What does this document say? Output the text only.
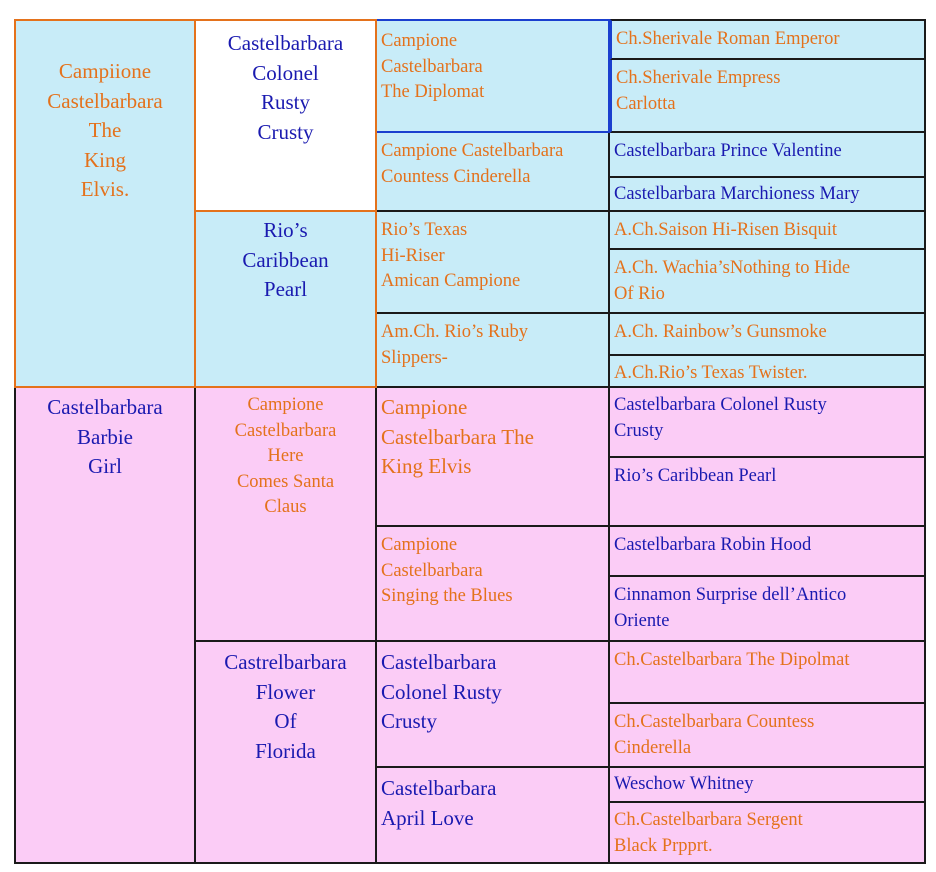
Campiione
Castelbarbara
The
King
Elvis.
Castelbarbara
Barbie
Girl
Castelbarbara
Colonel
Rusty
Crusty
Rio’s
Caribbean
Pearl
Campione
Castelbarbara
Here
Comes Santa
Claus
Castrelbarbara
Flower
Of
Florida
Campione
Castelbarbara
The Diplomat
Campione Castelbarbara
Countess Cinderella
Rio’s Texas
Hi-Riser
Amican Campione
Am.Ch. Rio’s Ruby
Slippers-
Campione
Castelbarbara The
King Elvis
Campione
Castelbarbara
Singing the Blues
Castelbarbara
Colonel Rusty
Crusty
Castelbarbara
April Love
Ch.Sherivale Roman Emperor
Ch.Sherivale Empress
Carlotta
Castelbarbara Prince Valentine
Castelbarbara Marchioness Mary
A.Ch.Saison Hi-Risen Bisquit
A.Ch. Wachia’sNothing to Hide
Of Rio
A.Ch. Rainbow’s Gunsmoke
A.Ch.Rio’s Texas Twister.
Castelbarbara Colonel Rusty
Crusty
Rio’s Caribbean Pearl
Castelbarbara Robin Hood
Cinnamon Surprise dell’Antico
Oriente
Ch.Castelbarbara The Dipolmat
Ch.Castelbarbara Countess
Cinderella
Weschow Whitney
Ch.Castelbarbara Sergent
Black Prpprt.
